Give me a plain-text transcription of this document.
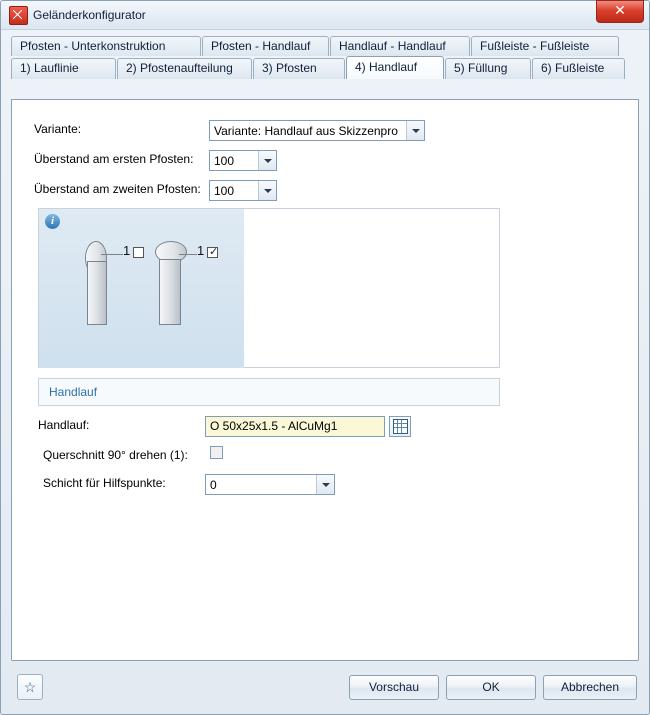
Geländerkonfigurator	✕
Pfosten - Unterkonstruktion	Pfosten - Handlauf	Handlauf - Handlauf	Fußleiste - Fußleiste
1) Lauflinie	2) Pfostenaufteilung	3) Pfosten	4) Handlauf	5) Füllung	6) Fußleiste
Variante:	Variante: Handlauf aus Skizzenpro
Überstand am ersten Pfosten: 100
Überstand am zweiten Pfosten: 100
i
1	1
✓
Handlauf
Handlauf:	O 50x25x1.5 - AlCuMg1
Querschnitt 90° drehen (1):
Schicht für Hilfspunkte:	0
☆	Vorschau	OK	Abbrechen
